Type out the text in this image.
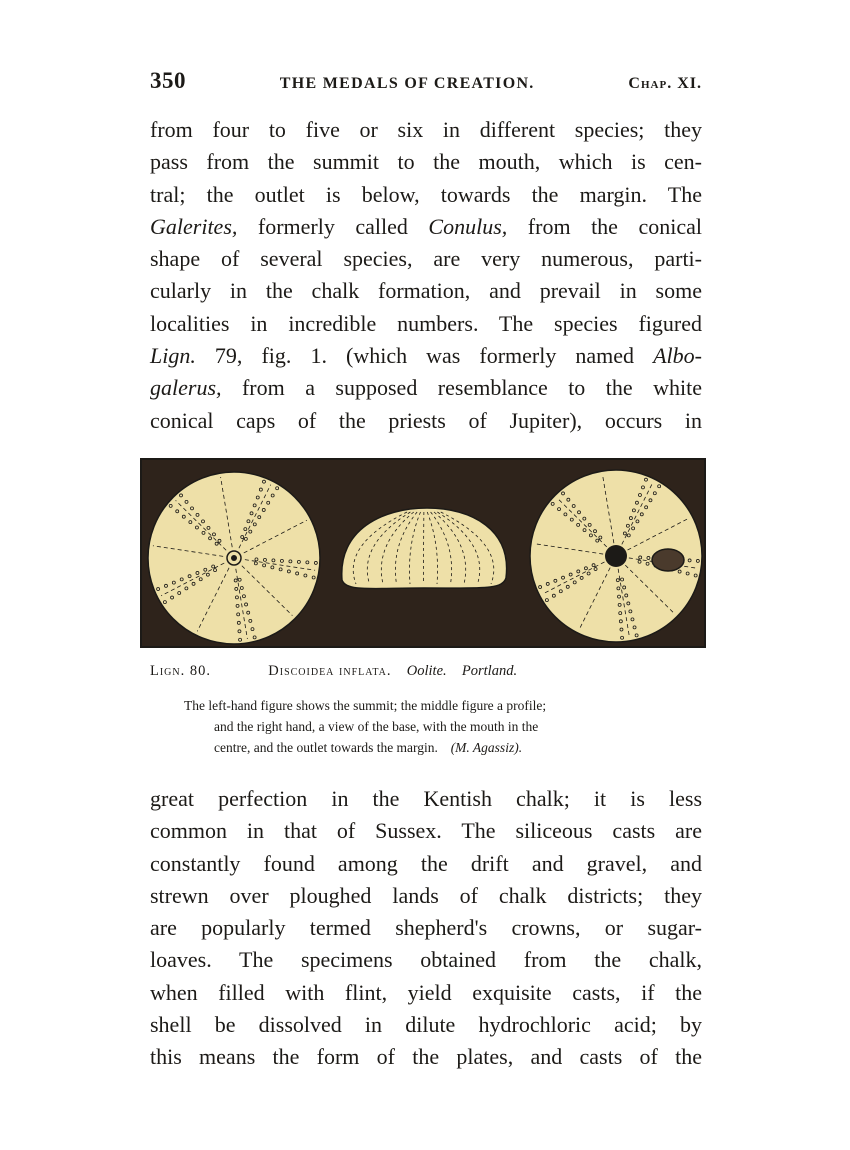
350	THE MEDALS OF CREATION.	Chap. XI.
from four to five or six in different species; they
pass from the summit to the mouth, which is cen-
tral; the outlet is below, towards the margin. The
Galerites, formerly called Conulus, from the conical
shape of several species, are very numerous, parti-
cularly in the chalk formation, and prevail in some
localities in incredible numbers. The species figured
Lign. 79, fig. 1. (which was formerly named Albo-
galerus, from a supposed resemblance to the white
conical caps of the priests of Jupiter), occurs in
Lign. 80.	Discoidea inflata. Oolite. Portland.
The left-hand figure shows the summit; the middle figure a profile;
and the right hand, a view of the base, with the mouth in the
centre, and the outlet towards the margin. (M. Agassiz).
great perfection in the Kentish chalk; it is less
common in that of Sussex. The siliceous casts are
constantly found among the drift and gravel, and
strewn over ploughed lands of chalk districts; they
are popularly termed shepherd's crowns, or sugar-
loaves. The specimens obtained from the chalk,
when filled with flint, yield exquisite casts, if the
shell be dissolved in dilute hydrochloric acid; by
this means the form of the plates, and casts of the
